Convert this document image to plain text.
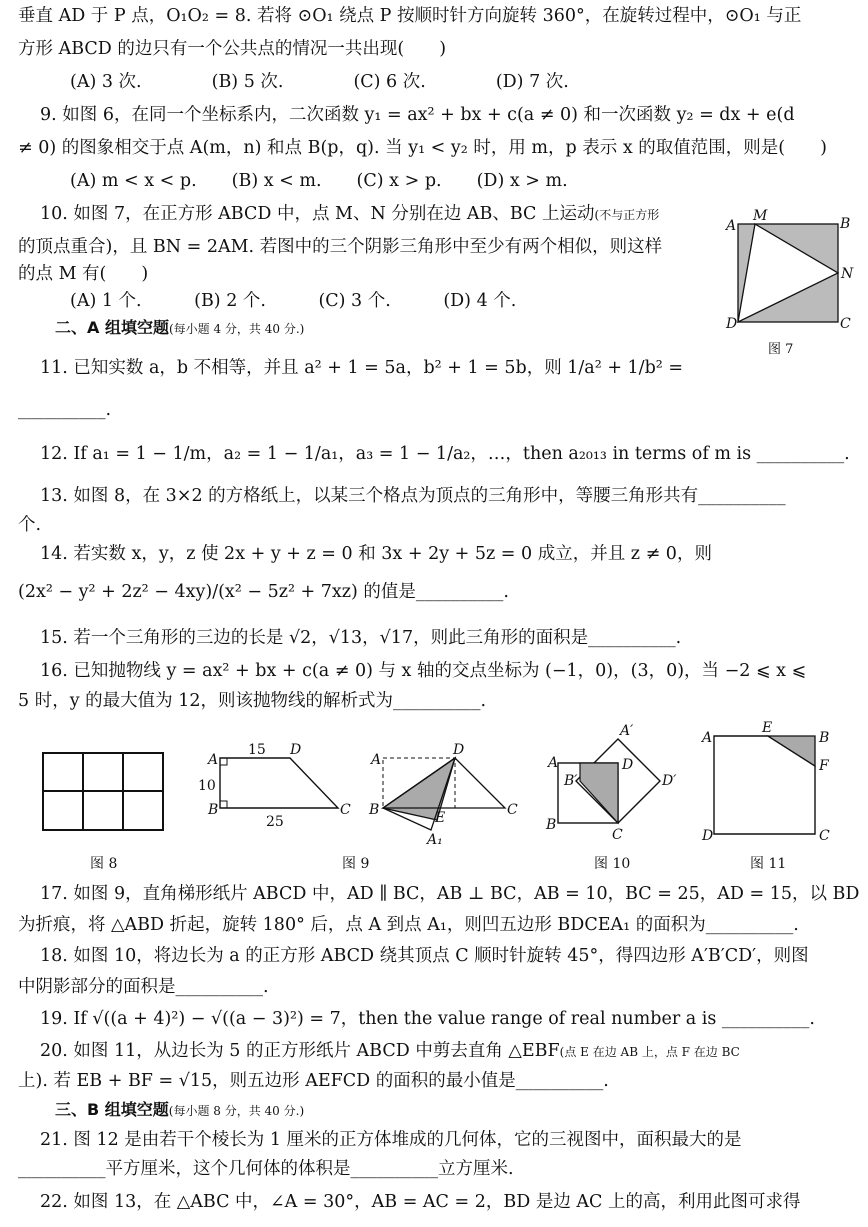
垂直 AD 于 P 点，O₁O₂ = 8. 若将 ⊙O₁ 绕点 P 按顺时针方向旋转 360°，在旋转过程中，⊙O₁ 与正
方形 ABCD 的边只有一个公共点的情况一共出现(　　)
(A) 3 次.　　　　(B) 5 次.　　　　(C) 6 次.　　　　(D) 7 次.
9. 如图 6，在同一个坐标系内，二次函数 y₁ = ax² + bx + c(a ≠ 0) 和一次函数 y₂ = dx + e(d
≠ 0) 的图象相交于点 A(m，n) 和点 B(p，q). 当 y₁ < y₂ 时，用 m，p 表示 x 的取值范围，则是(　　)
(A) m < x < p.　　(B) x < m.　　(C) x > p.　　(D) x > m.
10. 如图 7，在正方形 ABCD 中，点 M、N 分别在边 AB、BC 上运动(不与正方形
的顶点重合)，且 BN = 2AM. 若图中的三个阴影三角形中至少有两个相似，则这样
的点 M 有(　　)
(A) 1 个.　　　(B) 2 个.　　　(C) 3 个.　　　(D) 4 个.
二、A 组填空题(每小题 4 分，共 40 分.)
11. 已知实数 a，b 不相等，并且 a² + 1 = 5a，b² + 1 = 5b，则 1/a² + 1/b² =
__________.
12. If a₁ = 1 − 1/m，a₂ = 1 − 1/a₁，a₃ = 1 − 1/a₂，…，then a₂₀₁₃ in terms of m is __________.
13. 如图 8，在 3×2 的方格纸上，以某三个格点为顶点的三角形中，等腰三角形共有__________
个.
14. 若实数 x，y，z 使 2x + y + z = 0 和 3x + 2y + 5z = 0 成立，并且 z ≠ 0，则
(2x² − y² + 2z² − 4xy)/(x² − 5z² + 7xz) 的值是__________.
15. 若一个三角形的三边的长是 √2，√13，√17，则此三角形的面积是__________.
16. 已知抛物线 y = ax² + bx + c(a ≠ 0) 与 x 轴的交点坐标为 (−1，0)，(3，0)，当 −2 ⩽ x ⩽
5 时，y 的最大值为 12，则该抛物线的解析式为__________.
17. 如图 9，直角梯形纸片 ABCD 中，AD ∥ BC，AB ⊥ BC，AB = 10，BC = 25，AD = 15，以 BD
为折痕，将 △ABD 折起，旋转 180° 后，点 A 到点 A₁，则凹五边形 BDCEA₁ 的面积为__________.
18. 如图 10，将边长为 a 的正方形 ABCD 绕其顶点 C 顺时针旋转 45°，得四边形 A′B′CD′，则图
中阴影部分的面积是__________.
19. If √((a + 4)²) − √((a − 3)²) = 7，then the value range of real number a is __________.
20. 如图 11，从边长为 5 的正方形纸片 ABCD 中剪去直角 △EBF(点 E 在边 AB 上，点 F 在边 BC
上). 若 EB + BF = √15，则五边形 AEFCD 的面积的最小值是__________.
三、B 组填空题(每小题 8 分，共 40 分.)
21. 图 12 是由若干个棱长为 1 厘米的正方体堆成的几何体，它的三视图中，面积最大的是
__________平方厘米，这个几何体的体积是__________立方厘米.
22. 如图 13，在 △ABC 中，∠A = 30°，AB = AC = 2，BD 是边 AC 上的高，利用此图可求得
A
M	B
N
D	C
图 7
图 8
A
D
B	C
15
10
25
A
D
B	C
E
A₁
图 9
A
A′
B′
D
D′
B
C
图 10
A
E
B
F
D	C
图 11
